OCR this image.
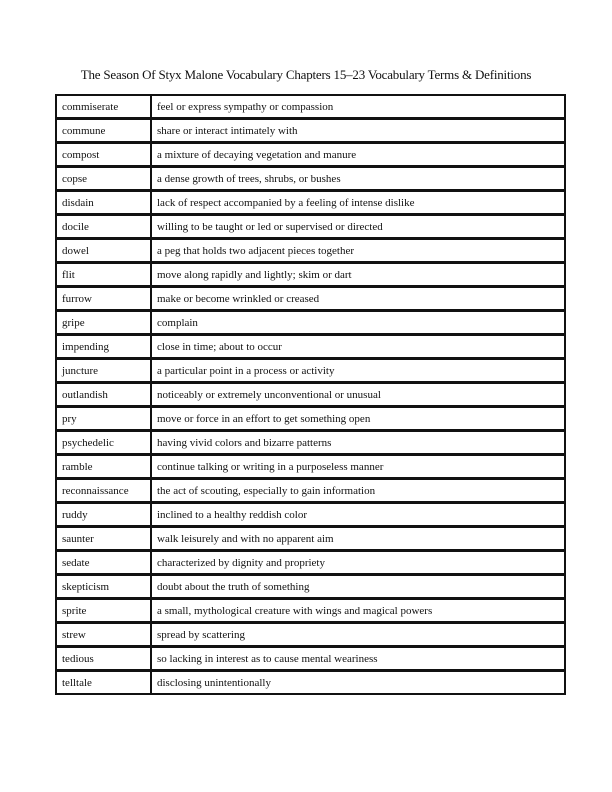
The Season Of Styx Malone Vocabulary Chapters 15–23 Vocabulary Terms & Definitions
commiserate	feel or express sympathy or compassion
commune	share or interact intimately with
compost	a mixture of decaying vegetation and manure
copse	a dense growth of trees, shrubs, or bushes
disdain	lack of respect accompanied by a feeling of intense dislike
docile	willing to be taught or led or supervised or directed
dowel	a peg that holds two adjacent pieces together
flit	move along rapidly and lightly; skim or dart
furrow	make or become wrinkled or creased
gripe	complain
impending	close in time; about to occur
juncture	a particular point in a process or activity
outlandish	noticeably or extremely unconventional or unusual
pry	move or force in an effort to get something open
psychedelic	having vivid colors and bizarre patterns
ramble	continue talking or writing in a purposeless manner
reconnaissance	the act of scouting, especially to gain information
ruddy	inclined to a healthy reddish color
saunter	walk leisurely and with no apparent aim
sedate	characterized by dignity and propriety
skepticism	doubt about the truth of something
sprite	a small, mythological creature with wings and magical powers
strew	spread by scattering
tedious	so lacking in interest as to cause mental weariness
telltale	disclosing unintentionally
